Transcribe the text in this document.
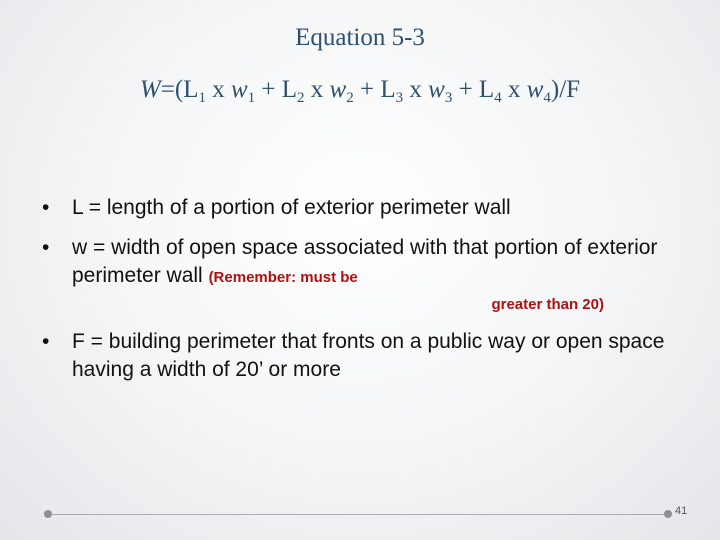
Equation 5-3
$W=(L_1$ x $w_1 + L_2$ x $w_2 + L_3$ x $w_3 + L_4$ x $w_4)/F$
• L = length of a portion of exterior perimeter wall
• w = width of open space associated with that portion of exterior perimeter wall (Remember: must be
greater than 20)
• F = building perimeter that fronts on a public way or open space having a width of 20’ or more
41
